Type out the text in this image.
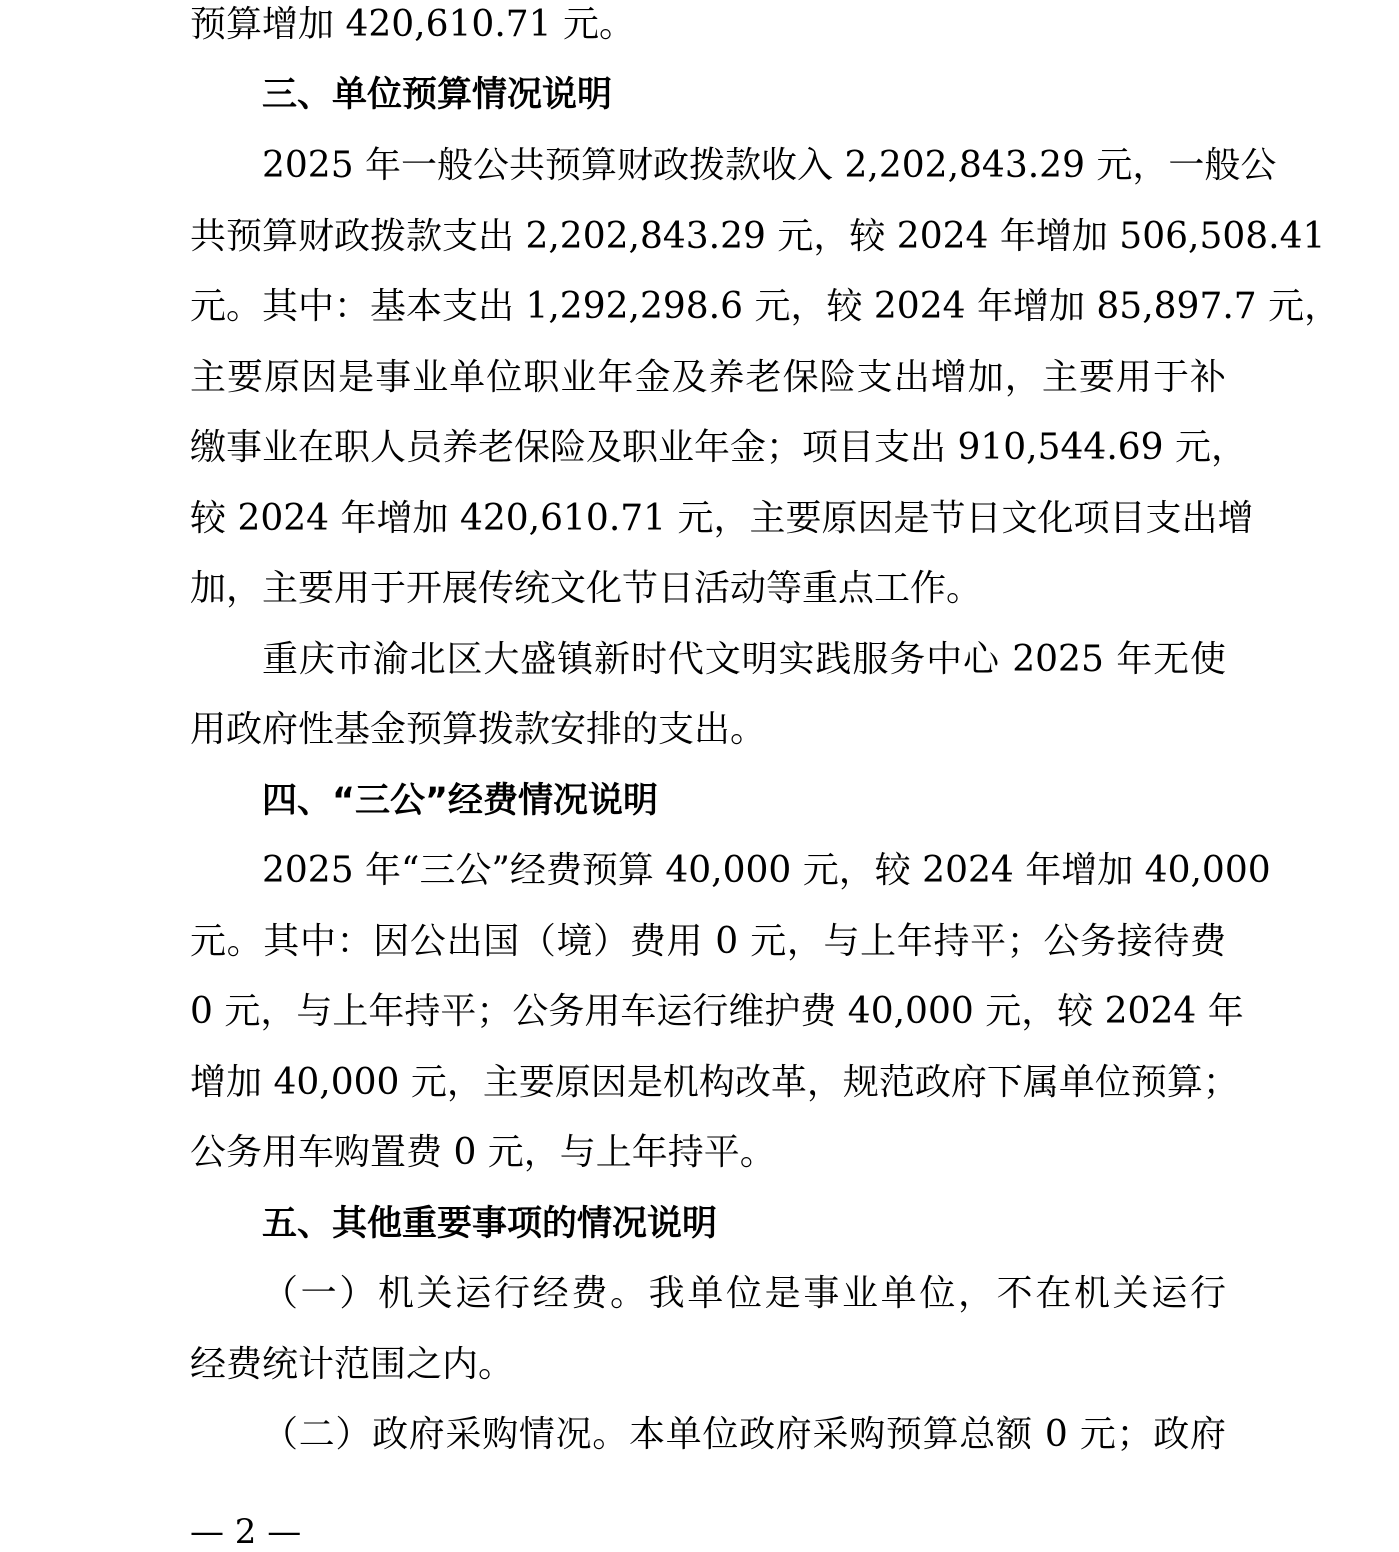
预算增加 420,610.71 元。
三、单位预算情况说明
2025 年一般公共预算财政拨款收入 2,202,843.29 元，一般公
共预算财政拨款支出 2,202,843.29 元，较 2024 年增加 506,508.41
元。其中：基本支出 1,292,298.6 元，较 2024 年增加 85,897.7 元，
主要原因是事业单位职业年金及养老保险支出增加，主要用于补
缴事业在职人员养老保险及职业年金；项目支出 910,544.69 元，
较 2024 年增加 420,610.71 元，主要原因是节日文化项目支出增
加，主要用于开展传统文化节日活动等重点工作。
重庆市渝北区大盛镇新时代文明实践服务中心 2025 年无使
用政府性基金预算拨款安排的支出。
四、“三公”经费情况说明
2025 年“三公”经费预算 40,000 元，较 2024 年增加 40,000
元。其中：因公出国（境）费用 0 元，与上年持平；公务接待费
0 元，与上年持平；公务用车运行维护费 40,000 元，较 2024 年
增加 40,000 元，主要原因是机构改革，规范政府下属单位预算；
公务用车购置费 0 元，与上年持平。
五、其他重要事项的情况说明
（一）机关运行经费。我单位是事业单位，不在机关运行
经费统计范围之内。
（二）政府采购情况。本单位政府采购预算总额 0 元；政府
— 2 —
